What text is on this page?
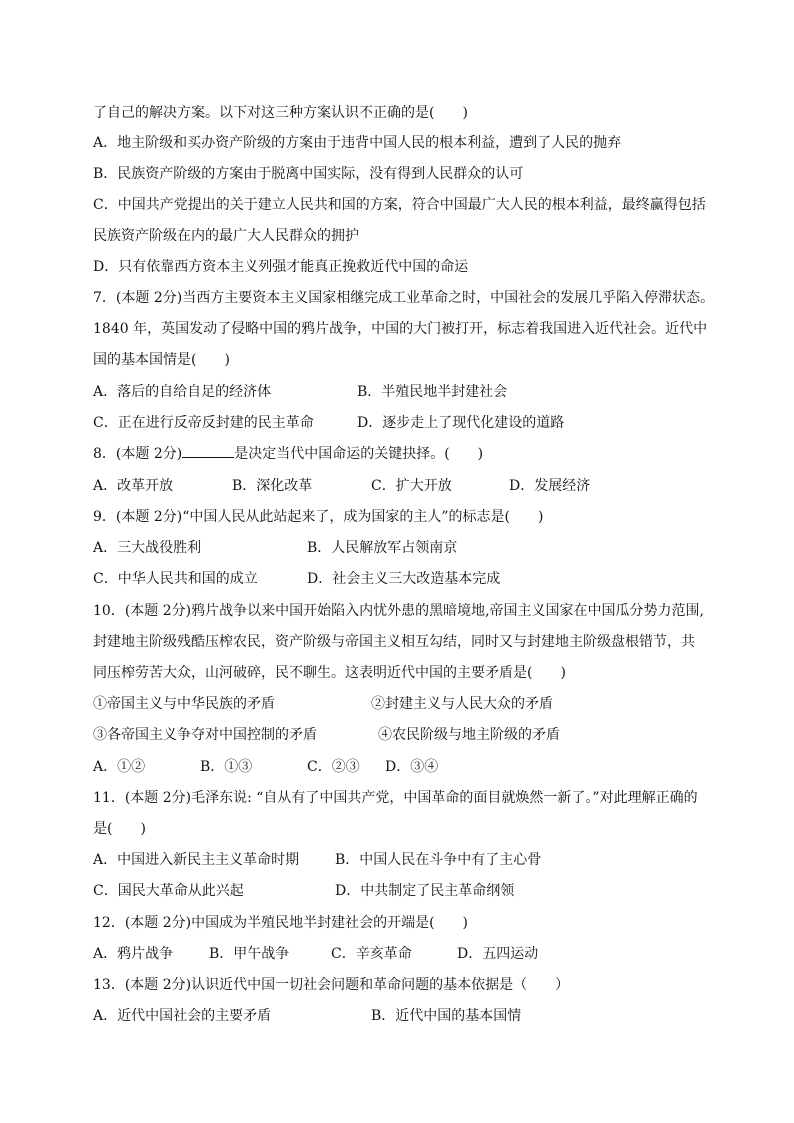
了自己的解决方案。以下对这三种方案认识不正确的是(　　)
A．地主阶级和买办资产阶级的方案由于违背中国人民的根本利益，遭到了人民的抛弃
B．民族资产阶级的方案由于脱离中国实际，没有得到人民群众的认可
C．中国共产党提出的关于建立人民共和国的方案，符合中国最广大人民的根本利益，最终赢得包括
民族资产阶级在内的最广大人民群众的拥护
D．只有依靠西方资本主义列强才能真正挽救近代中国的命运
7．(本题 2分)当西方主要资本主义国家相继完成工业革命之时，中国社会的发展几乎陷入停滞状态。
1840 年，英国发动了侵略中国的鸦片战争，中国的大门被打开，标志着我国进入近代社会。近代中
国的基本国情是(　　)
A．落后的自给自足的经济体	B．半殖民地半封建社会
C．正在进行反帝反封建的民主革命	D．逐步走上了现代化建设的道路
8．(本题 2分)	是决定当代中国命运的关键抉择。(　　)
A．改革开放	B．深化改革	C．扩大开放	D．发展经济
9．(本题 2分)“中国人民从此站起来了，成为国家的主人”的标志是(　　)
A．三大战役胜利	B．人民解放军占领南京
C．中华人民共和国的成立	D．社会主义三大改造基本完成
10．(本题 2分)鸦片战争以来中国开始陷入内忧外患的黑暗境地,帝国主义国家在中国瓜分势力范围,
封建地主阶级残酷压榨农民，资产阶级与帝国主义相互勾结，同时又与封建地主阶级盘根错节，共
同压榨劳苦大众，山河破碎，民不聊生。这表明近代中国的主要矛盾是(　　)
①帝国主义与中华民族的矛盾	②封建主义与人民大众的矛盾
③各帝国主义争夺对中国控制的矛盾	④农民阶级与地主阶级的矛盾
A．①②	B．①③	C．②③ D．③④
11．(本题 2分)毛泽东说: “自从有了中国共产党，中国革命的面目就焕然一新了。”对此理解正确的
是(　　)
A．中国进入新民主主义革命时期	B．中国人民在斗争中有了主心骨
C．国民大革命从此兴起	D．中共制定了民主革命纲领
12．(本题 2分)中国成为半殖民地半封建社会的开端是(　　)
A．鸦片战争	B．甲午战争	C．辛亥革命	D．五四运动
13．(本题 2分)认识近代中国一切社会问题和革命问题的基本依据是（　　）
A．近代中国社会的主要矛盾	B．近代中国的基本国情
